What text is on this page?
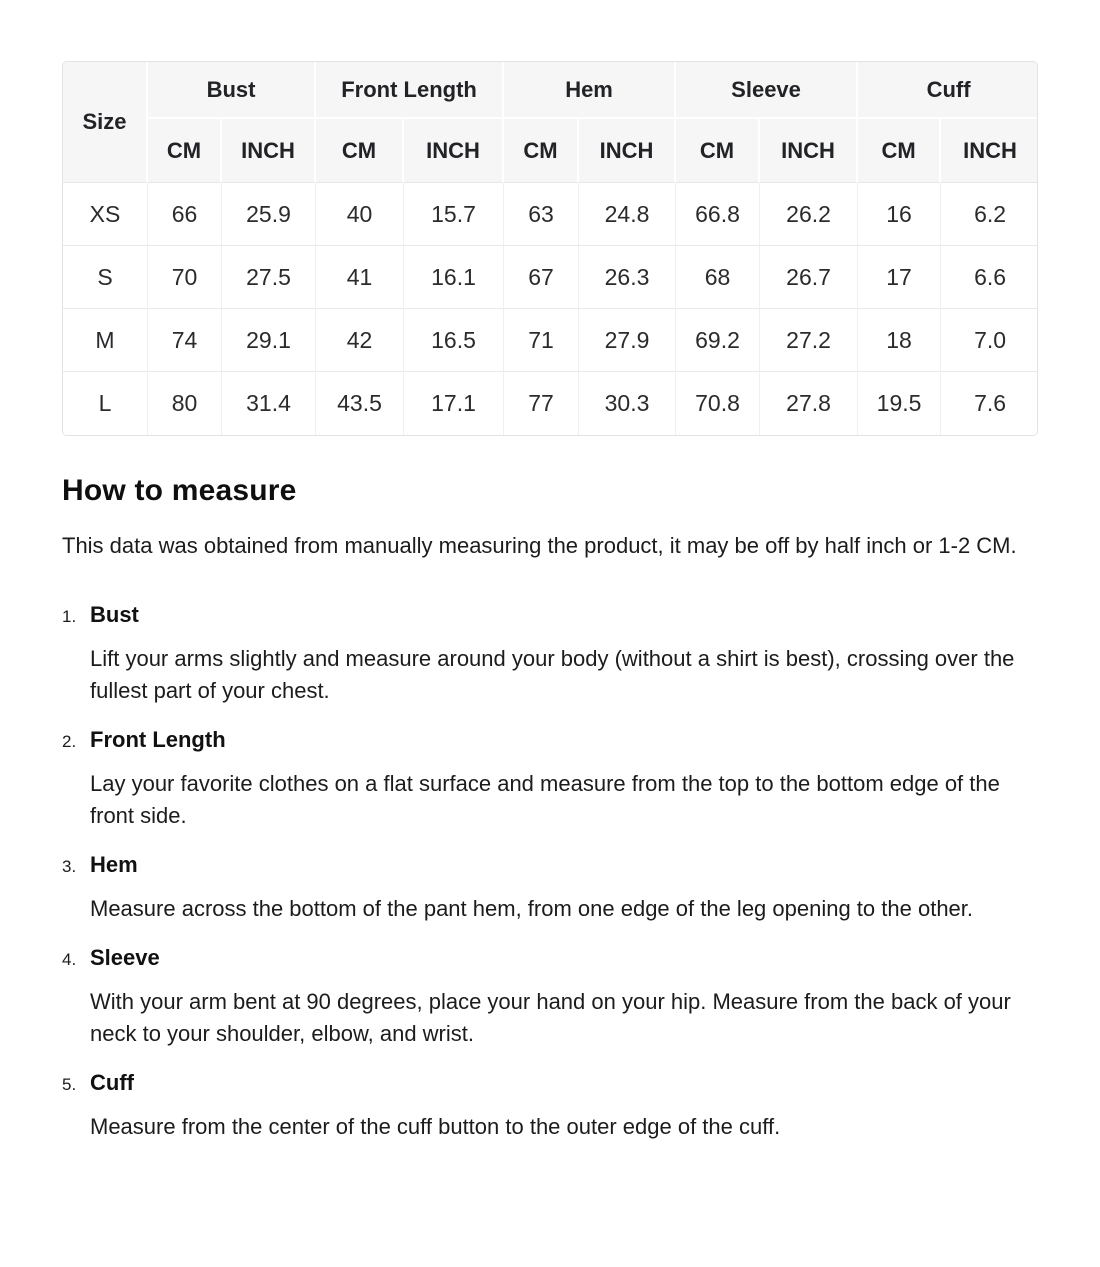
Size	Bust		Front Length		Hem		Sleeve		Cuff	
	CM	INCH	CM	INCH	CM	INCH	CM	INCH	CM	INCH
XS	66	25.9	40	15.7	63	24.8	66.8	26.2	16	6.2
S	70	27.5	41	16.1	67	26.3	68	26.7	17	6.6
M	74	29.1	42	16.5	71	27.9	69.2	27.2	18	7.0
L	80	31.4	43.5	17.1	77	30.3	70.8	27.8	19.5	7.6
How to measure

This data was obtained from manually measuring the product, it may be off by half inch or 1-2 CM.

1. Bust

Lift your arms slightly and measure around your body (without a shirt is best), crossing over the fullest part of your chest.

2. Front Length

Lay your favorite clothes on a flat surface and measure from the top to the bottom edge of the front side.

3. Hem

Measure across the bottom of the pant hem, from one edge of the leg opening to the other.

4. Sleeve

With your arm bent at 90 degrees, place your hand on your hip. Measure from the back of your neck to your shoulder, elbow, and wrist.

5. Cuff

Measure from the center of the cuff button to the outer edge of the cuff.
